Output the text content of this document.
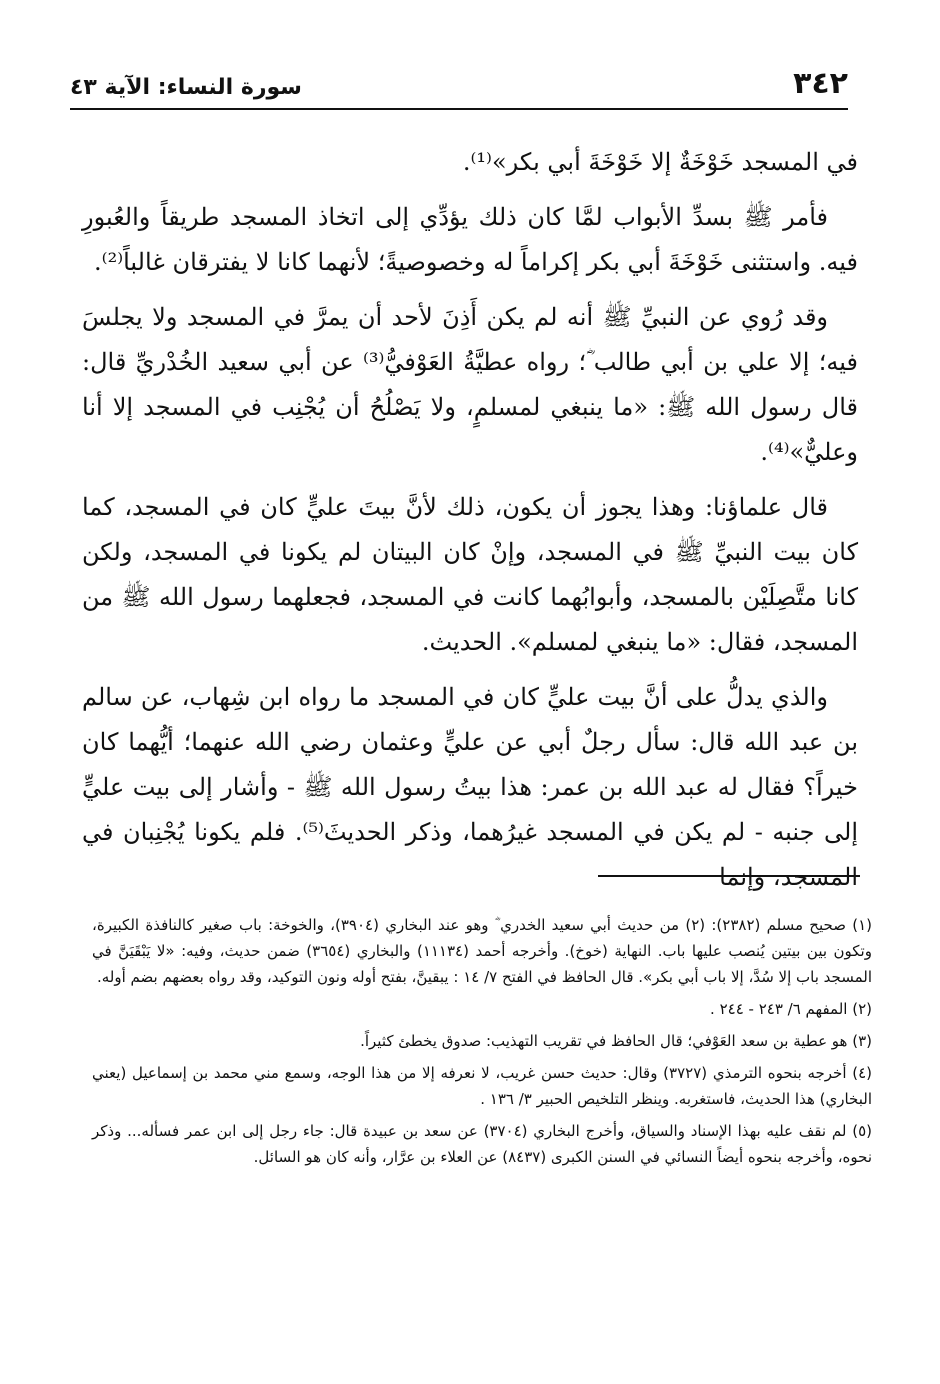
٣٤٢
سورة النساء: الآية ٤٣

في المسجد خَوْخَةٌ إلا خَوْخَةَ أبي بكر»⁽¹⁾.

فأمر ﷺ بسدِّ الأبواب لمَّا كان ذلك يؤدِّي إلى اتخاذ المسجد طريقاً والعُبورِ فيه. واستثنى خَوْخَةَ أبي بكر إكراماً له وخصوصيةً؛ لأنهما كانا لا يفترقان غالباً⁽²⁾.

وقد رُوي عن النبيِّ ﷺ أنه لم يكن أَذِنَ لأحد أن يمرَّ في المسجد ولا يجلسَ فيه؛ إلا علي بن أبي طالب ؓ؛ رواه عطيَّةُ العَوْفيُّ⁽³⁾ عن أبي سعيد الخُدْريِّ قال: قال رسول الله ﷺ: «ما ينبغي لمسلمٍ، ولا يَصْلُحُ أن يُجْنِب في المسجد إلا أنا وعليٌّ»⁽⁴⁾.

قال علماؤنا: وهذا يجوز أن يكون، ذلك لأنَّ بيتَ عليٍّ كان في المسجد، كما كان بيت النبيِّ ﷺ في المسجد، وإنْ كان البيتان لم يكونا في المسجد، ولكن كانا متَّصِلَيْن بالمسجد، وأبوابُهما كانت في المسجد، فجعلهما رسول الله ﷺ من المسجد، فقال: «ما ينبغي لمسلم». الحديث.

والذي يدلُّ على أنَّ بيت عليٍّ كان في المسجد ما رواه ابن شِهاب، عن سالم بن عبد الله قال: سأل رجلٌ أبي عن عليٍّ وعثمان رضي الله عنهما؛ أيُّهما كان خيراً؟ فقال له عبد الله بن عمر: هذا بيتُ رسول الله ﷺ - وأشار إلى بيت عليٍّ إلى جنبه - لم يكن في المسجد غيرُهما، وذكر الحديثَ⁽⁵⁾. فلم يكونا يُجْنِبان في المسجد، وإنما

(١) صحيح مسلم (٢٣٨٢): (٢) من حديث أبي سعيد الخدري ؓ وهو عند البخاري (٣٩٠٤)، والخوخة: باب صغير كالنافذة الكبيرة، وتكون بين بيتين يُنصب عليها باب. النهاية (خوخ). وأخرجه أحمد (١١١٣٤) والبخاري (٣٦٥٤) ضمن حديث، وفيه: «لا يَبْقَيَنَّ في المسجد باب إلا سُدَّ، إلا باب أبي بكر». قال الحافظ في الفتح ٧/ ١٤ : يبقينَّ، بفتح أوله ونون التوكيد، وقد رواه بعضهم بضم أوله.

(٢) المفهم ٦/ ٢٤٣ - ٢٤٤ .

(٣) هو عطية بن سعد العَوْفي؛ قال الحافظ في تقريب التهذيب: صدوق يخطئ كثيراً.

(٤) أخرجه بنحوه الترمذي (٣٧٢٧) وقال: حديث حسن غريب، لا نعرفه إلا من هذا الوجه، وسمع مني محمد بن إسماعيل (يعني البخاري) هذا الحديث، فاستغربه. وينظر التلخيص الحبير ٣/ ١٣٦ .

(٥) لم نقف عليه بهذا الإسناد والسياق، وأخرج البخاري (٣٧٠٤) عن سعد بن عبيدة قال: جاء رجل إلى ابن عمر فسأله... وذكر نحوه، وأخرجه بنحوه أيضاً النسائي في السنن الكبرى (٨٤٣٧) عن العلاء بن عرَّار، وأنه كان هو السائل.
